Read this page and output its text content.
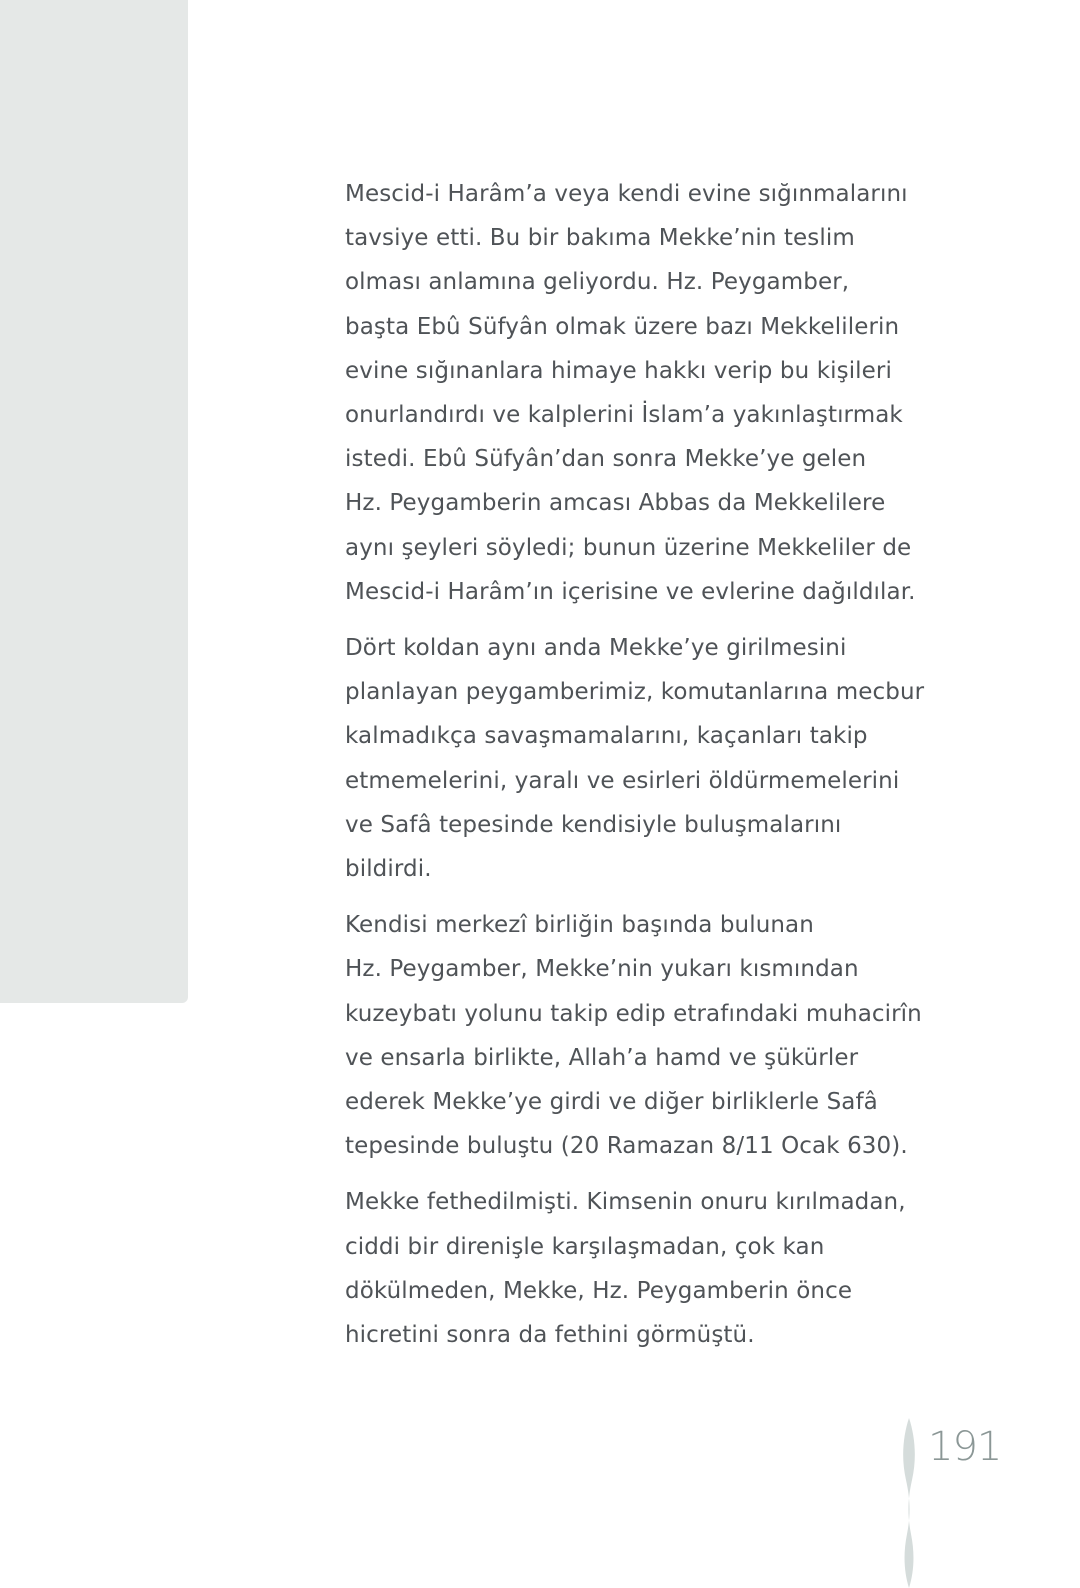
Mescid-i Harâm’a veya kendi evine sığınmalarını
tavsiye etti. Bu bir bakıma Mekke’nin teslim
olması anlamına geliyordu. Hz. Peygamber,
başta Ebû Süfyân olmak üzere bazı Mekkelilerin
evine sığınanlara himaye hakkı verip bu kişileri
onurlandırdı ve kalplerini İslam’a yakınlaştırmak
istedi. Ebû Süfyân’dan sonra Mekke’ye gelen
Hz. Peygamberin amcası Abbas da Mekkelilere
aynı şeyleri söyledi; bunun üzerine Mekkeliler de
Mescid-i Harâm’ın içerisine ve evlerine dağıldılar.
Dört koldan aynı anda Mekke’ye girilmesini
planlayan peygamberimiz, komutanlarına mecbur
kalmadıkça savaşmamalarını, kaçanları takip
etmemelerini, yaralı ve esirleri öldürmemelerini
ve Safâ tepesinde kendisiyle buluşmalarını
bildirdi.
Kendisi merkezî birliğin başında bulunan
Hz. Peygamber, Mekke’nin yukarı kısmından
kuzeybatı yolunu takip edip etrafındaki muhacirîn
ve ensarla birlikte, Allah’a hamd ve şükürler
ederek Mekke’ye girdi ve diğer birliklerle Safâ
tepesinde buluştu (20 Ramazan 8/11 Ocak 630).
Mekke fethedilmişti. Kimsenin onuru kırılmadan,
ciddi bir direnişle karşılaşmadan, çok kan
dökülmeden, Mekke, Hz. Peygamberin önce
hicretini sonra da fethini görmüştü.
191
